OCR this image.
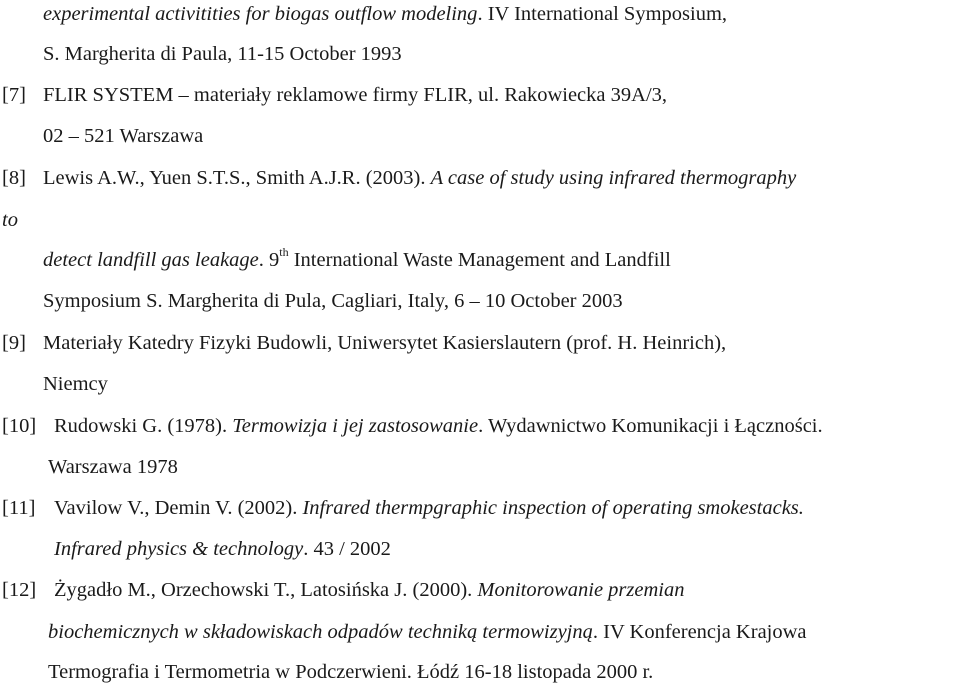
experimental activitities for biogas outflow modeling. IV International Symposium,
S. Margherita di Paula, 11-15 October 1993
[7] FLIR SYSTEM – materiały reklamowe firmy FLIR, ul. Rakowiecka 39A/3,
02 – 521 Warszawa
[8] Lewis A.W., Yuen S.T.S., Smith A.J.R. (2003). A case of study using infrared thermography
to
detect landfill gas leakage. 9th International Waste Management and Landfill
Symposium S. Margherita di Pula, Cagliari, Italy, 6 – 10 October 2003
[9] Materiały Katedry Fizyki Budowli, Uniwersytet Kasierslautern (prof. H. Heinrich),
Niemcy
[10] Rudowski G. (1978). Termowizja i jej zastosowanie. Wydawnictwo Komunikacji i Łączności.
Warszawa 1978
[11] Vavilow V., Demin V. (2002). Infrared thermpgraphic inspection of operating smokestacks.
Infrared physics & technology. 43 / 2002
[12] Żygadło M., Orzechowski T., Latosińska J. (2000). Monitorowanie przemian
biochemicznych w składowiskach odpadów techniką termowizyjną. IV Konferencja Krajowa
Termografia i Termometria w Podczerwieni. Łódź 16-18 listopada 2000 r.
